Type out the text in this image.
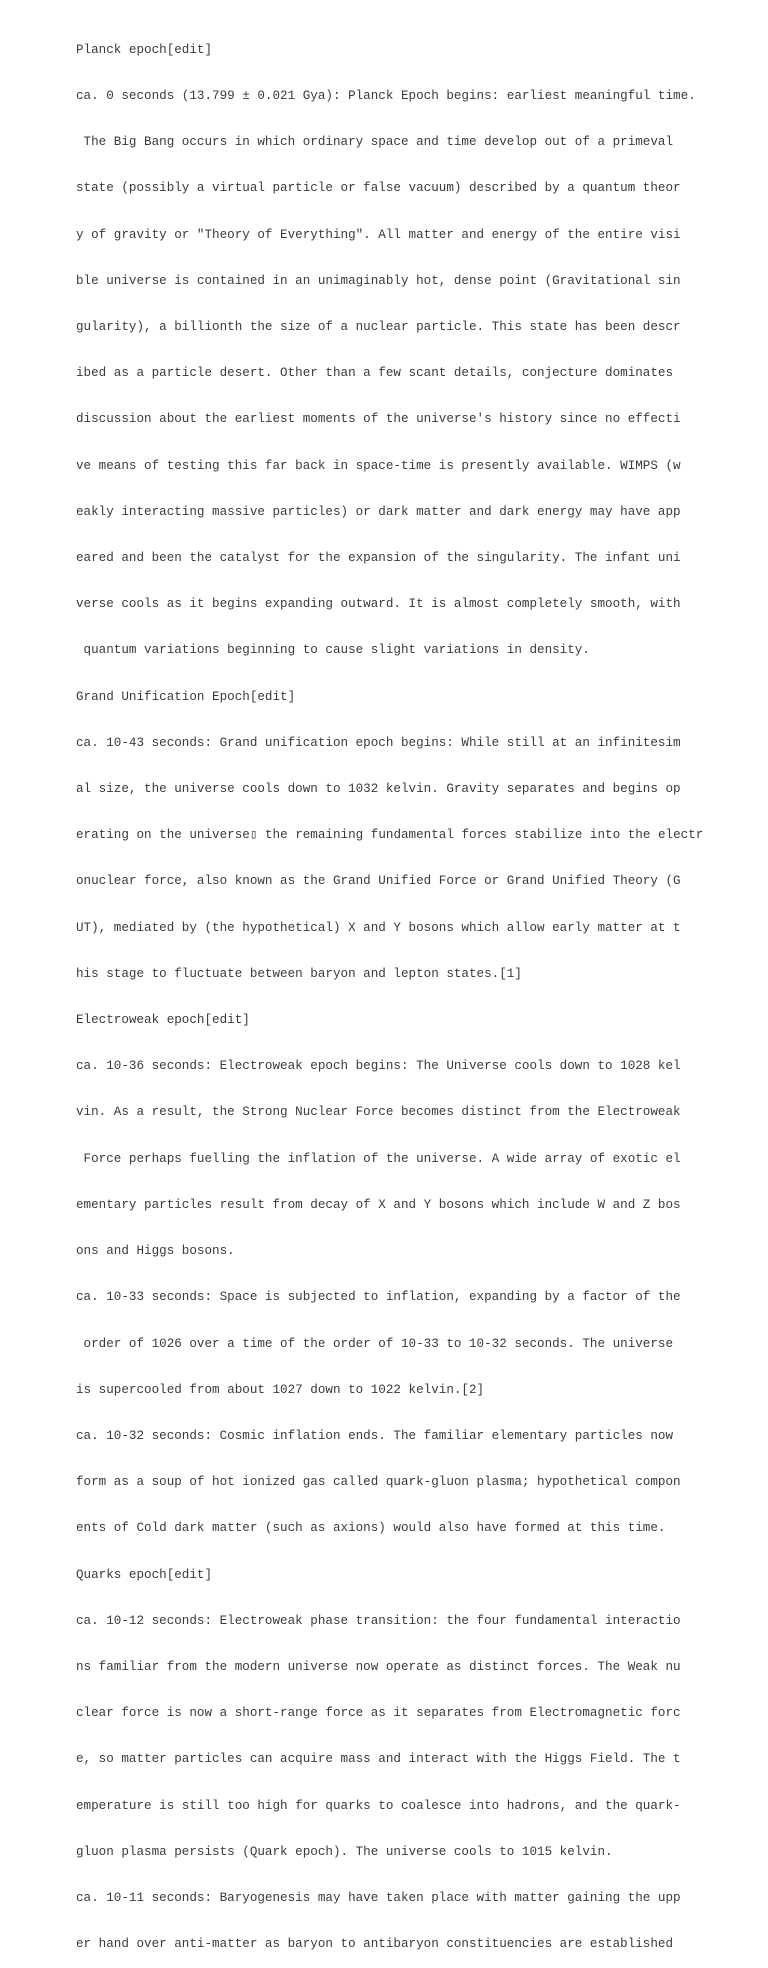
Planck epoch[edit]

ca. 0 seconds (13.799 ± 0.021 Gya): Planck Epoch begins: earliest meaningful time.

The Big Bang occurs in which ordinary space and time develop out of a primeval

state (possibly a virtual particle or false vacuum) described by a quantum theor

y of gravity or "Theory of Everything". All matter and energy of the entire visi

ble universe is contained in an unimaginably hot, dense point (Gravitational sin

gularity), a billionth the size of a nuclear particle. This state has been descr

ibed as a particle desert. Other than a few scant details, conjecture dominates

discussion about the earliest moments of the universe's history since no effecti

ve means of testing this far back in space-time is presently available. WIMPS (w

eakly interacting massive particles) or dark matter and dark energy may have app

eared and been the catalyst for the expansion of the singularity. The infant uni

verse cools as it begins expanding outward. It is almost completely smooth, with

quantum variations beginning to cause slight variations in density.

Grand Unification Epoch[edit]

ca. 10-43 seconds: Grand unification epoch begins: While still at an infinitesim

al size, the universe cools down to 1032 kelvin. Gravity separates and begins op

erating on the universe▯ the remaining fundamental forces stabilize into the electr

onuclear force, also known as the Grand Unified Force or Grand Unified Theory (G

UT), mediated by (the hypothetical) X and Y bosons which allow early matter at t

his stage to fluctuate between baryon and lepton states.[1]

Electroweak epoch[edit]

ca. 10-36 seconds: Electroweak epoch begins: The Universe cools down to 1028 kel

vin. As a result, the Strong Nuclear Force becomes distinct from the Electroweak

Force perhaps fuelling the inflation of the universe. A wide array of exotic el

ementary particles result from decay of X and Y bosons which include W and Z bos

ons and Higgs bosons.

ca. 10-33 seconds: Space is subjected to inflation, expanding by a factor of the

order of 1026 over a time of the order of 10-33 to 10-32 seconds. The universe

is supercooled from about 1027 down to 1022 kelvin.[2]

ca. 10-32 seconds: Cosmic inflation ends. The familiar elementary particles now

form as a soup of hot ionized gas called quark-gluon plasma; hypothetical compon

ents of Cold dark matter (such as axions) would also have formed at this time.

Quarks epoch[edit]

ca. 10-12 seconds: Electroweak phase transition: the four fundamental interactio

ns familiar from the modern universe now operate as distinct forces. The Weak nu

clear force is now a short-range force as it separates from Electromagnetic forc

e, so matter particles can acquire mass and interact with the Higgs Field. The t

emperature is still too high for quarks to coalesce into hadrons, and the quark-

gluon plasma persists (Quark epoch). The universe cools to 1015 kelvin.

ca. 10-11 seconds: Baryogenesis may have taken place with matter gaining the upp

er hand over anti-matter as baryon to antibaryon constituencies are established
